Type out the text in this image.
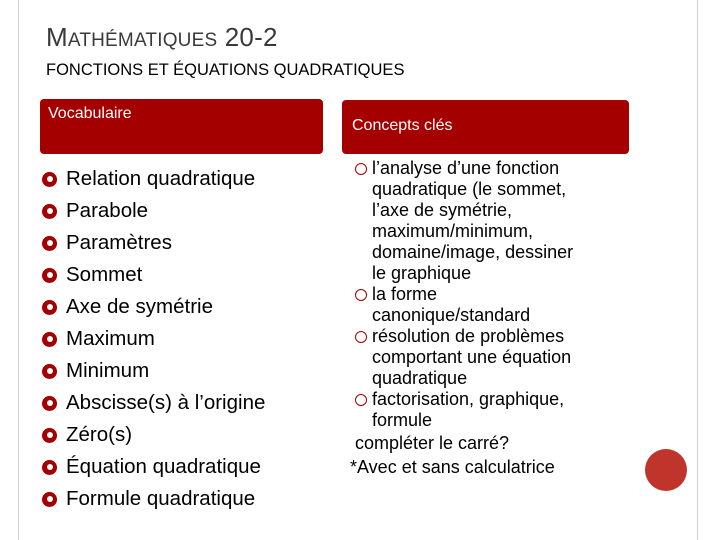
MATHÉMATIQUES 20-2
FONCTIONS ET ÉQUATIONS QUADRATIQUES
Vocabulaire
Concepts clés
Relation quadratique
Parabole
Paramètres
Sommet
Axe de symétrie
Maximum
Minimum
Abscisse(s) à l’origine
Zéro(s)
Équation quadratique
Formule quadratique
l’analyse d’une fonction
quadratique (le sommet,
l’axe de symétrie,
maximum/minimum,
domaine/image, dessiner
le graphique
la forme
canonique/standard
résolution de problèmes
comportant une équation
quadratique
factorisation, graphique,
formule
compléter le carré?
*Avec et sans calculatrice
